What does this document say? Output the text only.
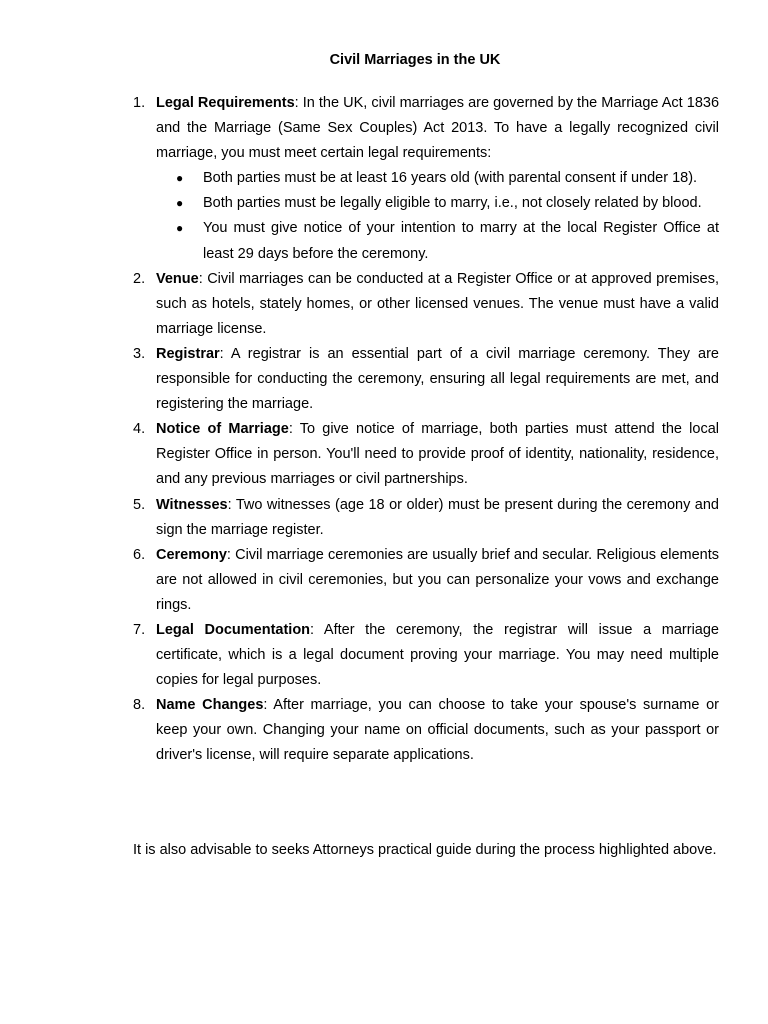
Civil Marriages in the UK
1. Legal Requirements: In the UK, civil marriages are governed by the Marriage Act 1836 and the Marriage (Same Sex Couples) Act 2013. To have a legally recognized civil marriage, you must meet certain legal requirements:
● Both parties must be at least 16 years old (with parental consent if under 18).
● Both parties must be legally eligible to marry, i.e., not closely related by blood.
● You must give notice of your intention to marry at the local Register Office at least 29 days before the ceremony.
2. Venue: Civil marriages can be conducted at a Register Office or at approved premises, such as hotels, stately homes, or other licensed venues. The venue must have a valid marriage license.
3. Registrar: A registrar is an essential part of a civil marriage ceremony. They are responsible for conducting the ceremony, ensuring all legal requirements are met, and registering the marriage.
4. Notice of Marriage: To give notice of marriage, both parties must attend the local Register Office in person. You'll need to provide proof of identity, nationality, residence, and any previous marriages or civil partnerships.
5. Witnesses: Two witnesses (age 18 or older) must be present during the ceremony and sign the marriage register.
6. Ceremony: Civil marriage ceremonies are usually brief and secular. Religious elements are not allowed in civil ceremonies, but you can personalize your vows and exchange rings.
7. Legal Documentation: After the ceremony, the registrar will issue a marriage certificate, which is a legal document proving your marriage. You may need multiple copies for legal purposes.
8. Name Changes: After marriage, you can choose to take your spouse's surname or keep your own. Changing your name on official documents, such as your passport or driver's license, will require separate applications.

It is also advisable to seeks Attorneys practical guide during the process highlighted above.
